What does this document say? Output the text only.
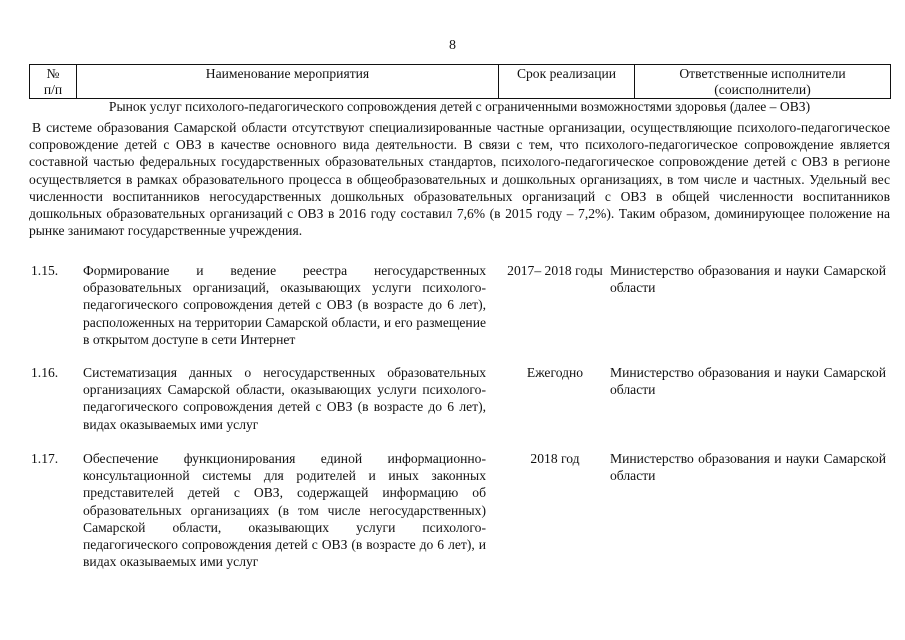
8
№
п/п	Наименование мероприятия	Срок реализации	Ответственные исполнители
(соисполнители)
Рынок услуг психолого-педагогического сопровождения детей с ограниченными возможностями здоровья (далее – ОВЗ)
В системе образования Самарской области отсутствуют специализированные частные организации, осуществляющие психолого-педагогическое сопровождение детей с ОВЗ в качестве основного вида деятельности. В связи с тем, что психолого-педагогическое сопровождение является составной частью федеральных государственных образовательных стандартов, психолого-педагогическое сопровождение детей с ОВЗ в регионе осуществляется в рамках образовательного процесса в общеобразовательных и дошкольных организациях, в том числе и частных. Удельный вес численности воспитанников негосударственных дошкольных образовательных организаций с ОВЗ в общей численности воспитанников дошкольных образовательных организаций с ОВЗ в 2016 году составил 7,6% (в 2015 году – 7,2%). Таким образом, доминирующее положение на рынке занимают государственные учреждения.
1.15. Формирование и ведение реестра негосударственных образовательных организаций, оказывающих услуги психолого-педагогического сопровождения детей с ОВЗ (в возрасте до 6 лет), расположенных на территории Самарской области, и его размещение в открытом доступе в сети Интернет
2017– 2018 годы Министерство образования и науки Самарской области
1.16. Систематизация данных о негосударственных образовательных организациях Самарской области, оказывающих услуги психолого-педагогического сопровождения детей с ОВЗ (в возрасте до 6 лет), видах оказываемых ими услуг
Ежегодно	Министерство образования и науки Самарской области
1.17. Обеспечение функционирования единой информационно-консультационной системы для родителей и иных законных представителей детей с ОВЗ, содержащей информацию об образовательных организациях (в том числе негосударственных) Самарской области, оказывающих услуги психолого-педагогического сопровождения детей с ОВЗ (в возрасте до 6 лет), и видах оказываемых ими услуг
2018 год	Министерство образования и науки Самарской области
